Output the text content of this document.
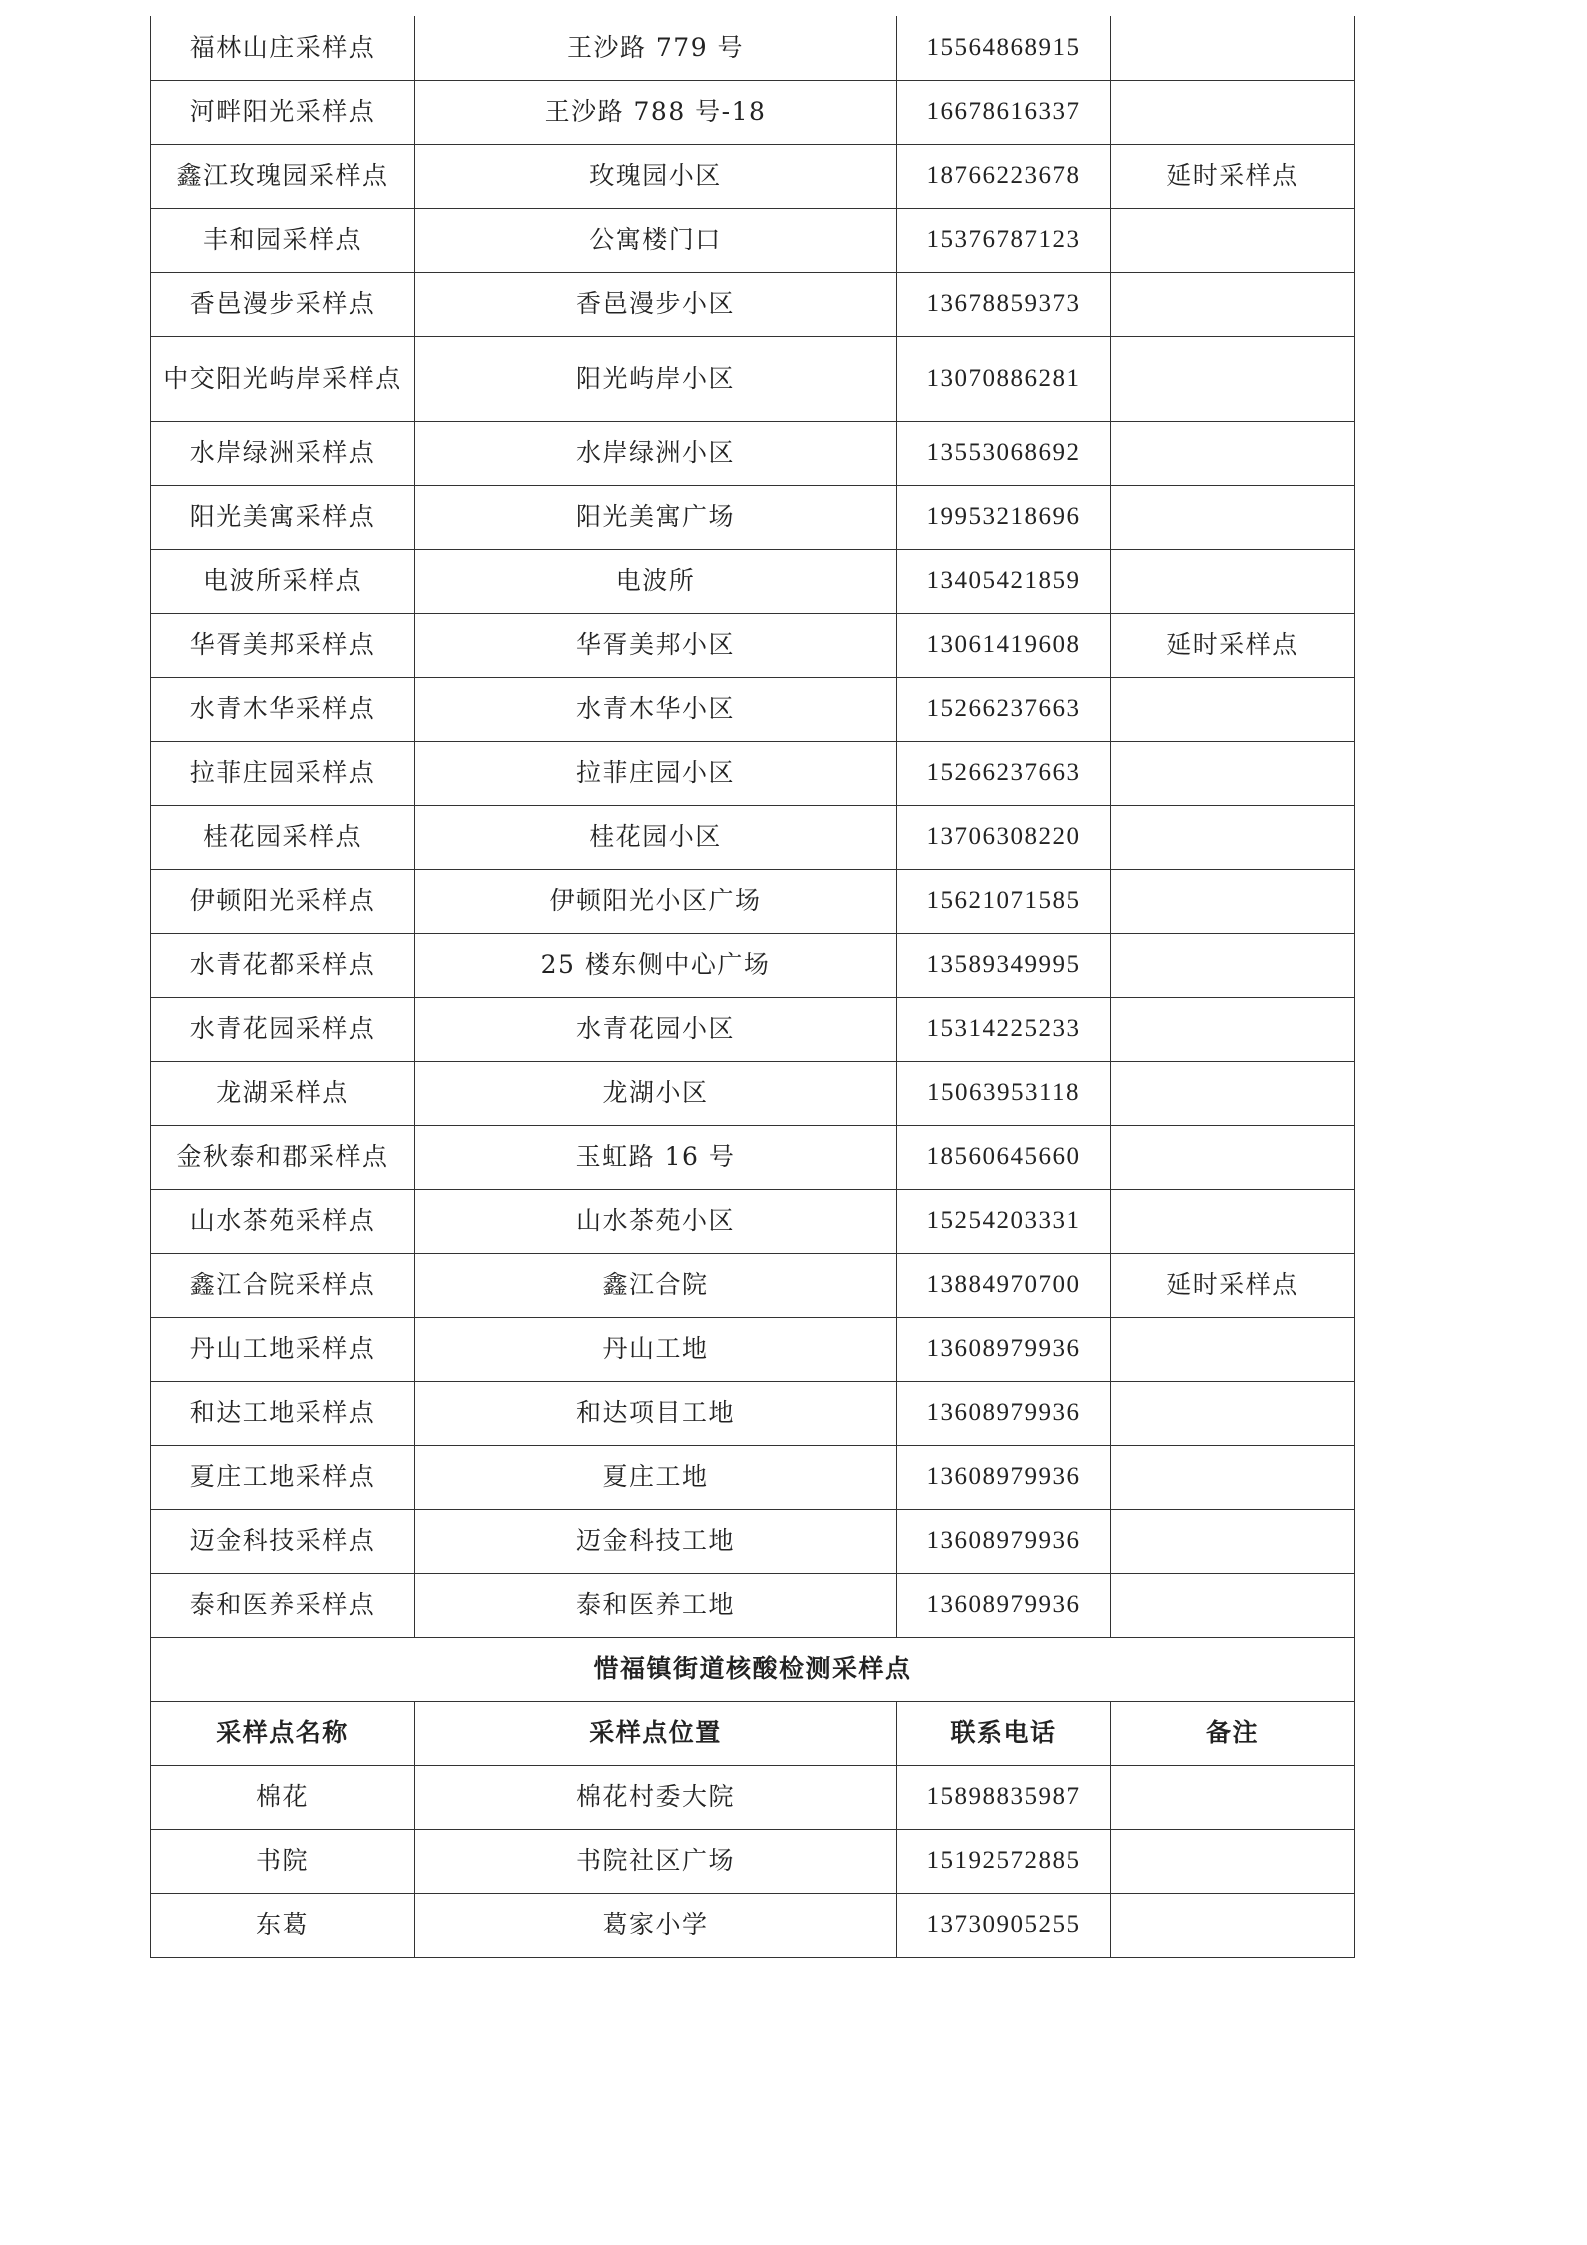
福林山庄采样点	王沙路 779 号	15564868915	
河畔阳光采样点	王沙路 788 号-18	16678616337	
鑫江玫瑰园采样点	玫瑰园小区	18766223678	延时采样点
丰和园采样点	公寓楼门口	15376787123	
香邑漫步采样点	香邑漫步小区	13678859373	
中交阳光屿岸采样点	阳光屿岸小区	13070886281	
水岸绿洲采样点	水岸绿洲小区	13553068692	
阳光美寓采样点	阳光美寓广场	19953218696	
电波所采样点	电波所	13405421859	
华胥美邦采样点	华胥美邦小区	13061419608	延时采样点
水青木华采样点	水青木华小区	15266237663	
拉菲庄园采样点	拉菲庄园小区	15266237663	
桂花园采样点	桂花园小区	13706308220	
伊顿阳光采样点	伊顿阳光小区广场	15621071585	
水青花都采样点	25 楼东侧中心广场	13589349995	
水青花园采样点	水青花园小区	15314225233	
龙湖采样点	龙湖小区	15063953118	
金秋泰和郡采样点	玉虹路 16 号	18560645660	
山水茶苑采样点	山水茶苑小区	15254203331	
鑫江合院采样点	鑫江合院	13884970700	延时采样点
丹山工地采样点	丹山工地	13608979936	
和达工地采样点	和达项目工地	13608979936	
夏庄工地采样点	夏庄工地	13608979936	
迈金科技采样点	迈金科技工地	13608979936	
泰和医养采样点	泰和医养工地	13608979936	
惜福镇街道核酸检测采样点			
采样点名称	采样点位置	联系电话	备注
棉花	棉花村委大院	15898835987	
书院	书院社区广场	15192572885	
东葛	葛家小学	13730905255	
